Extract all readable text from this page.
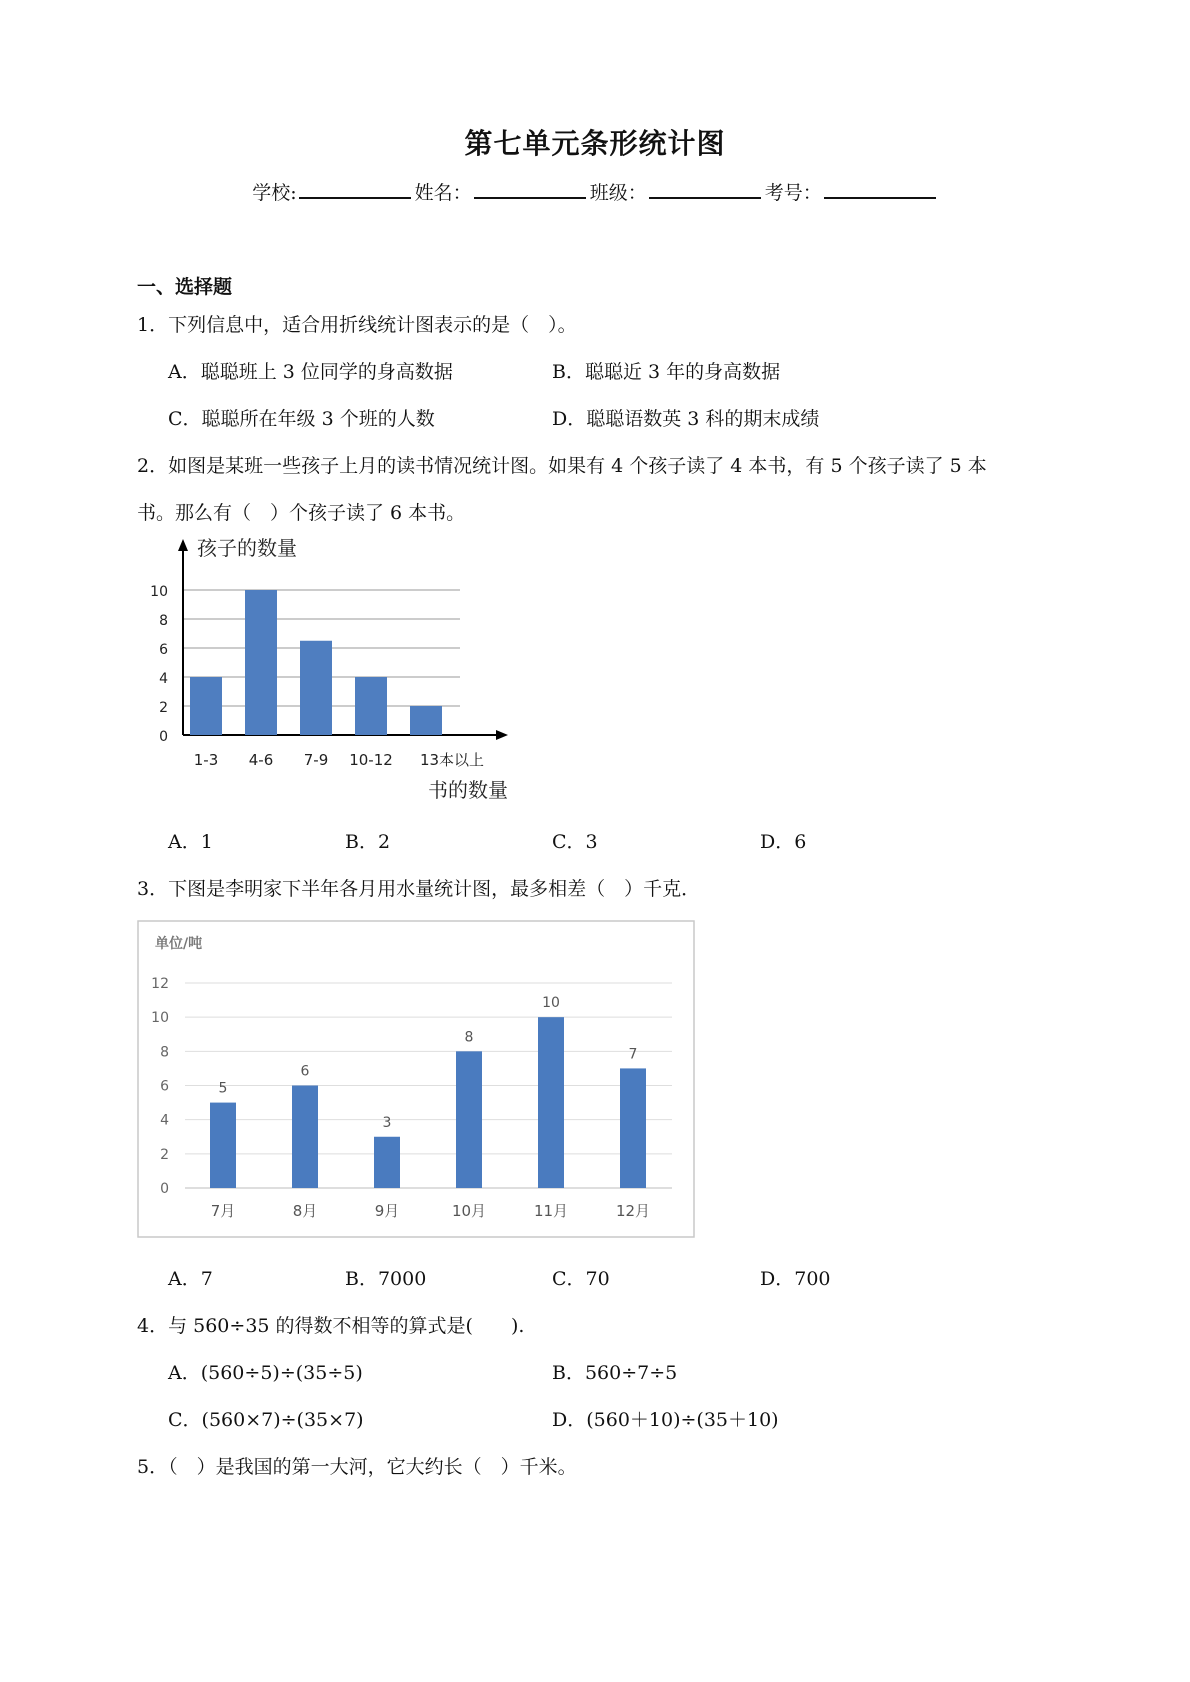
第七单元条形统计图
学校:	姓名：	班级：	考号：
一、选择题
1．下列信息中，适合用折线统计图表示的是（　）。
A．聪聪班上 3 位同学的身高数据	B．聪聪近 3 年的身高数据
C．聪聪所在年级 3 个班的人数	D．聪聪语数英 3 科的期末成绩
2．如图是某班一些孩子上月的读书情况统计图。如果有 4 个孩子读了 4 本书，有 5 个孩子读了 5 本
书。那么有（　）个孩子读了 6 本书。
0
2
4
6
8
10
孩子的数量
书的数量
1-3 4-6 7-9 10-12 13本以上
A．1	B．2	C．3	D．6
3．下图是李明家下半年各月用水量统计图，最多相差（　）千克．
单位/吨
0
2
4
6
8
10
12
5
7月
6
8月
3
9月
8
10月
10
11月
7
12月
A．7	B．7000	C．70	D．700
4．与 560÷35 的得数不相等的算式是(　　).
A．(560÷5)÷(35÷5)	B．560÷7÷5
C．(560×7)÷(35×7)	D．(560＋10)÷(35＋10)
5．（　）是我国的第一大河，它大约长（　）千米。
